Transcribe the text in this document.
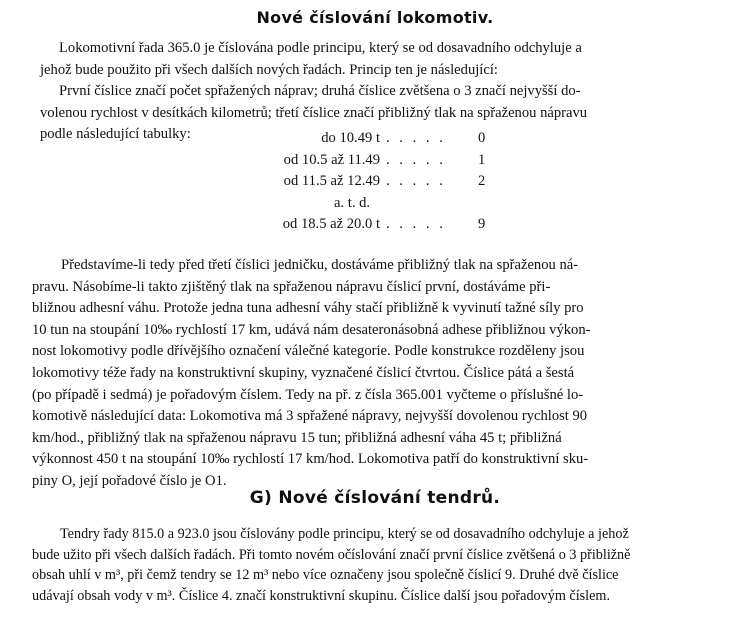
Nové číslování lokomotiv.
Lokomotivní řada 365.0 je číslována podle principu, který se od dosavadního odchyluje a
jehož bude použito při všech dalších nových řadách. Princip ten je následující:
První číslice značí počet spřažených náprav; druhá číslice zvětšena o 3 značí nejvyšší do-
volenou rychlost v desítkách kilometrů; třetí číslice značí přibližný tlak na spřaženou nápravu
podle následující tabulky:	do 10.49 t . . . . . 0
od 10.5 až 11.49 . . . . . 1
od 11.5 až 12.49 . . . . . 2
a. t. d.
od 18.5 až 20.0 t . . . . . 9
Představíme-li tedy před třetí číslici jedničku, dostáváme přibližný tlak na spřaženou ná-
pravu. Násobíme-li takto zjištěný tlak na spřaženou nápravu číslicí první, dostáváme při-
bližnou adhesní váhu. Protože jedna tuna adhesní váhy stačí přibližně k vyvinutí tažné síly pro
10 tun na stoupání 10‰ rychlostí 17 km, udává nám desateronásobná adhese přibližnou výkon-
nost lokomotivy podle dřívějšího označení válečné kategorie. Podle konstrukce rozděleny jsou
lokomotivy téže řady na konstruktivní skupiny, vyznačené číslicí čtvrtou. Číslice pátá a šestá
(po případě i sedmá) je pořadovým číslem. Tedy na př. z čísla 365.001 vyčteme o příslušné lo-
komotivě následující data: Lokomotiva má 3 spřažené nápravy, nejvyšší dovolenou rychlost 90
km/hod., přibližný tlak na spřaženou nápravu 15 tun; přibližná adhesní váha 45 t; přibližná
výkonnost 450 t na stoupání 10‰ rychlostí 17 km/hod. Lokomotiva patří do konstruktivní sku-
piny O, její pořadové číslo je O1.
G) Nové číslování tendrů.
Tendry řady 815.0 a 923.0 jsou číslovány podle principu, který se od dosavadního odchyluje a jehož
bude užito při všech dalších řadách. Při tomto novém očíslování značí první číslice zvětšená o 3 přibližně
obsah uhlí v m³, při čemž tendry se 12 m³ nebo více označeny jsou společně číslicí 9. Druhé dvě číslice
udávají obsah vody v m³. Číslice 4. značí konstruktivní skupinu. Číslice další jsou pořadovým číslem.
